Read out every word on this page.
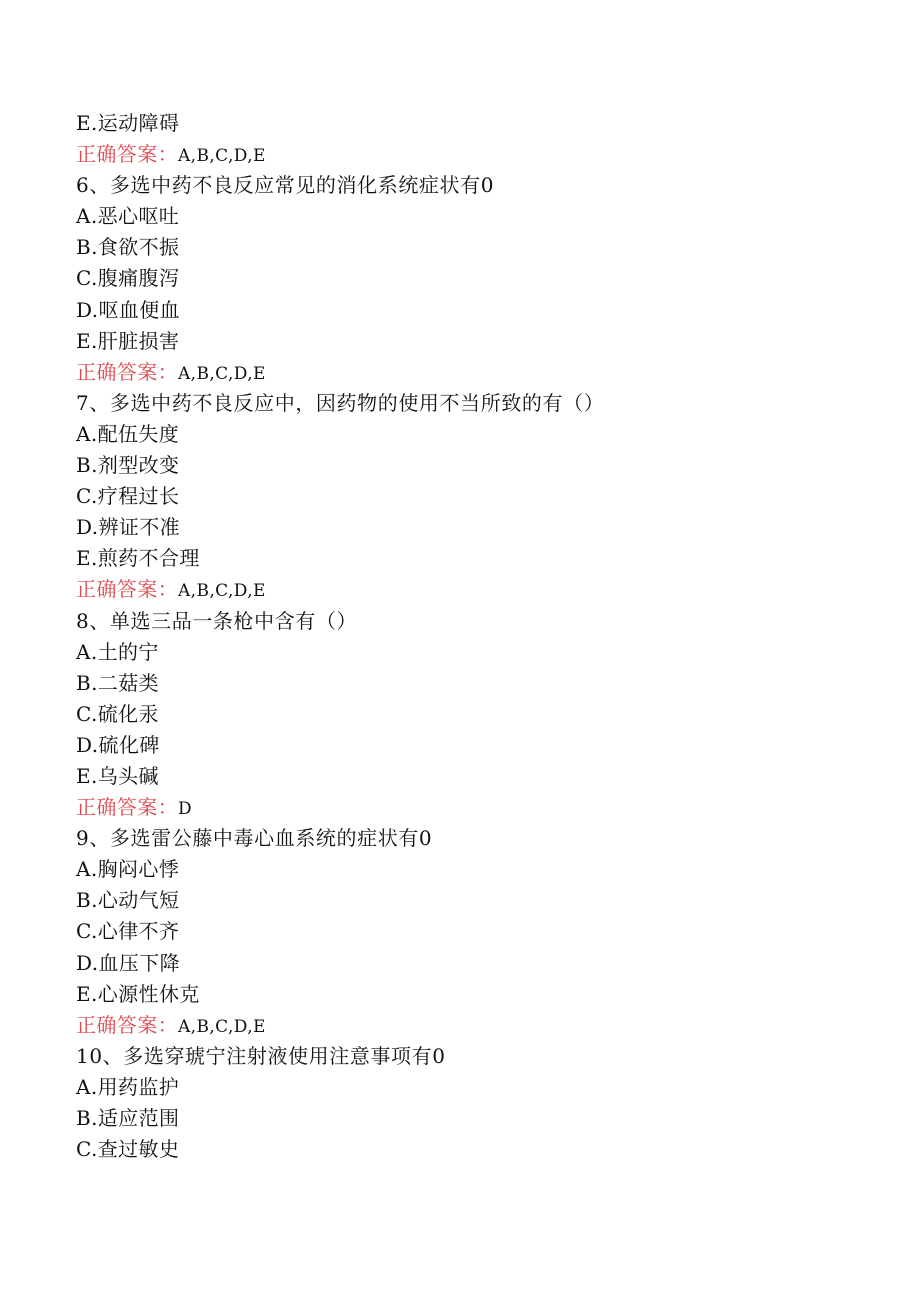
E.运动障碍
正确答案：A,B,C,D,E
6、多选中药不良反应常见的消化系统症状有0
A.恶心呕吐
B.食欲不振
C.腹痛腹泻
D.呕血便血
E.肝脏损害
正确答案：A,B,C,D,E
7、多选中药不良反应中，因药物的使用不当所致的有（）
A.配伍失度
B.剂型改变
C.疗程过长
D.辨证不准
E.煎药不合理
正确答案：A,B,C,D,E
8、单选三品一条枪中含有（）
A.土的宁
B.二菇类
C.硫化汞
D.硫化碑
E.乌头碱
正确答案：D
9、多选雷公藤中毒心血系统的症状有0
A.胸闷心悸
B.心动气短
C.心律不齐
D.血压下降
E.心源性休克
正确答案：A,B,C,D,E
10、多选穿琥宁注射液使用注意事项有0
A.用药监护
B.适应范围
C.查过敏史
